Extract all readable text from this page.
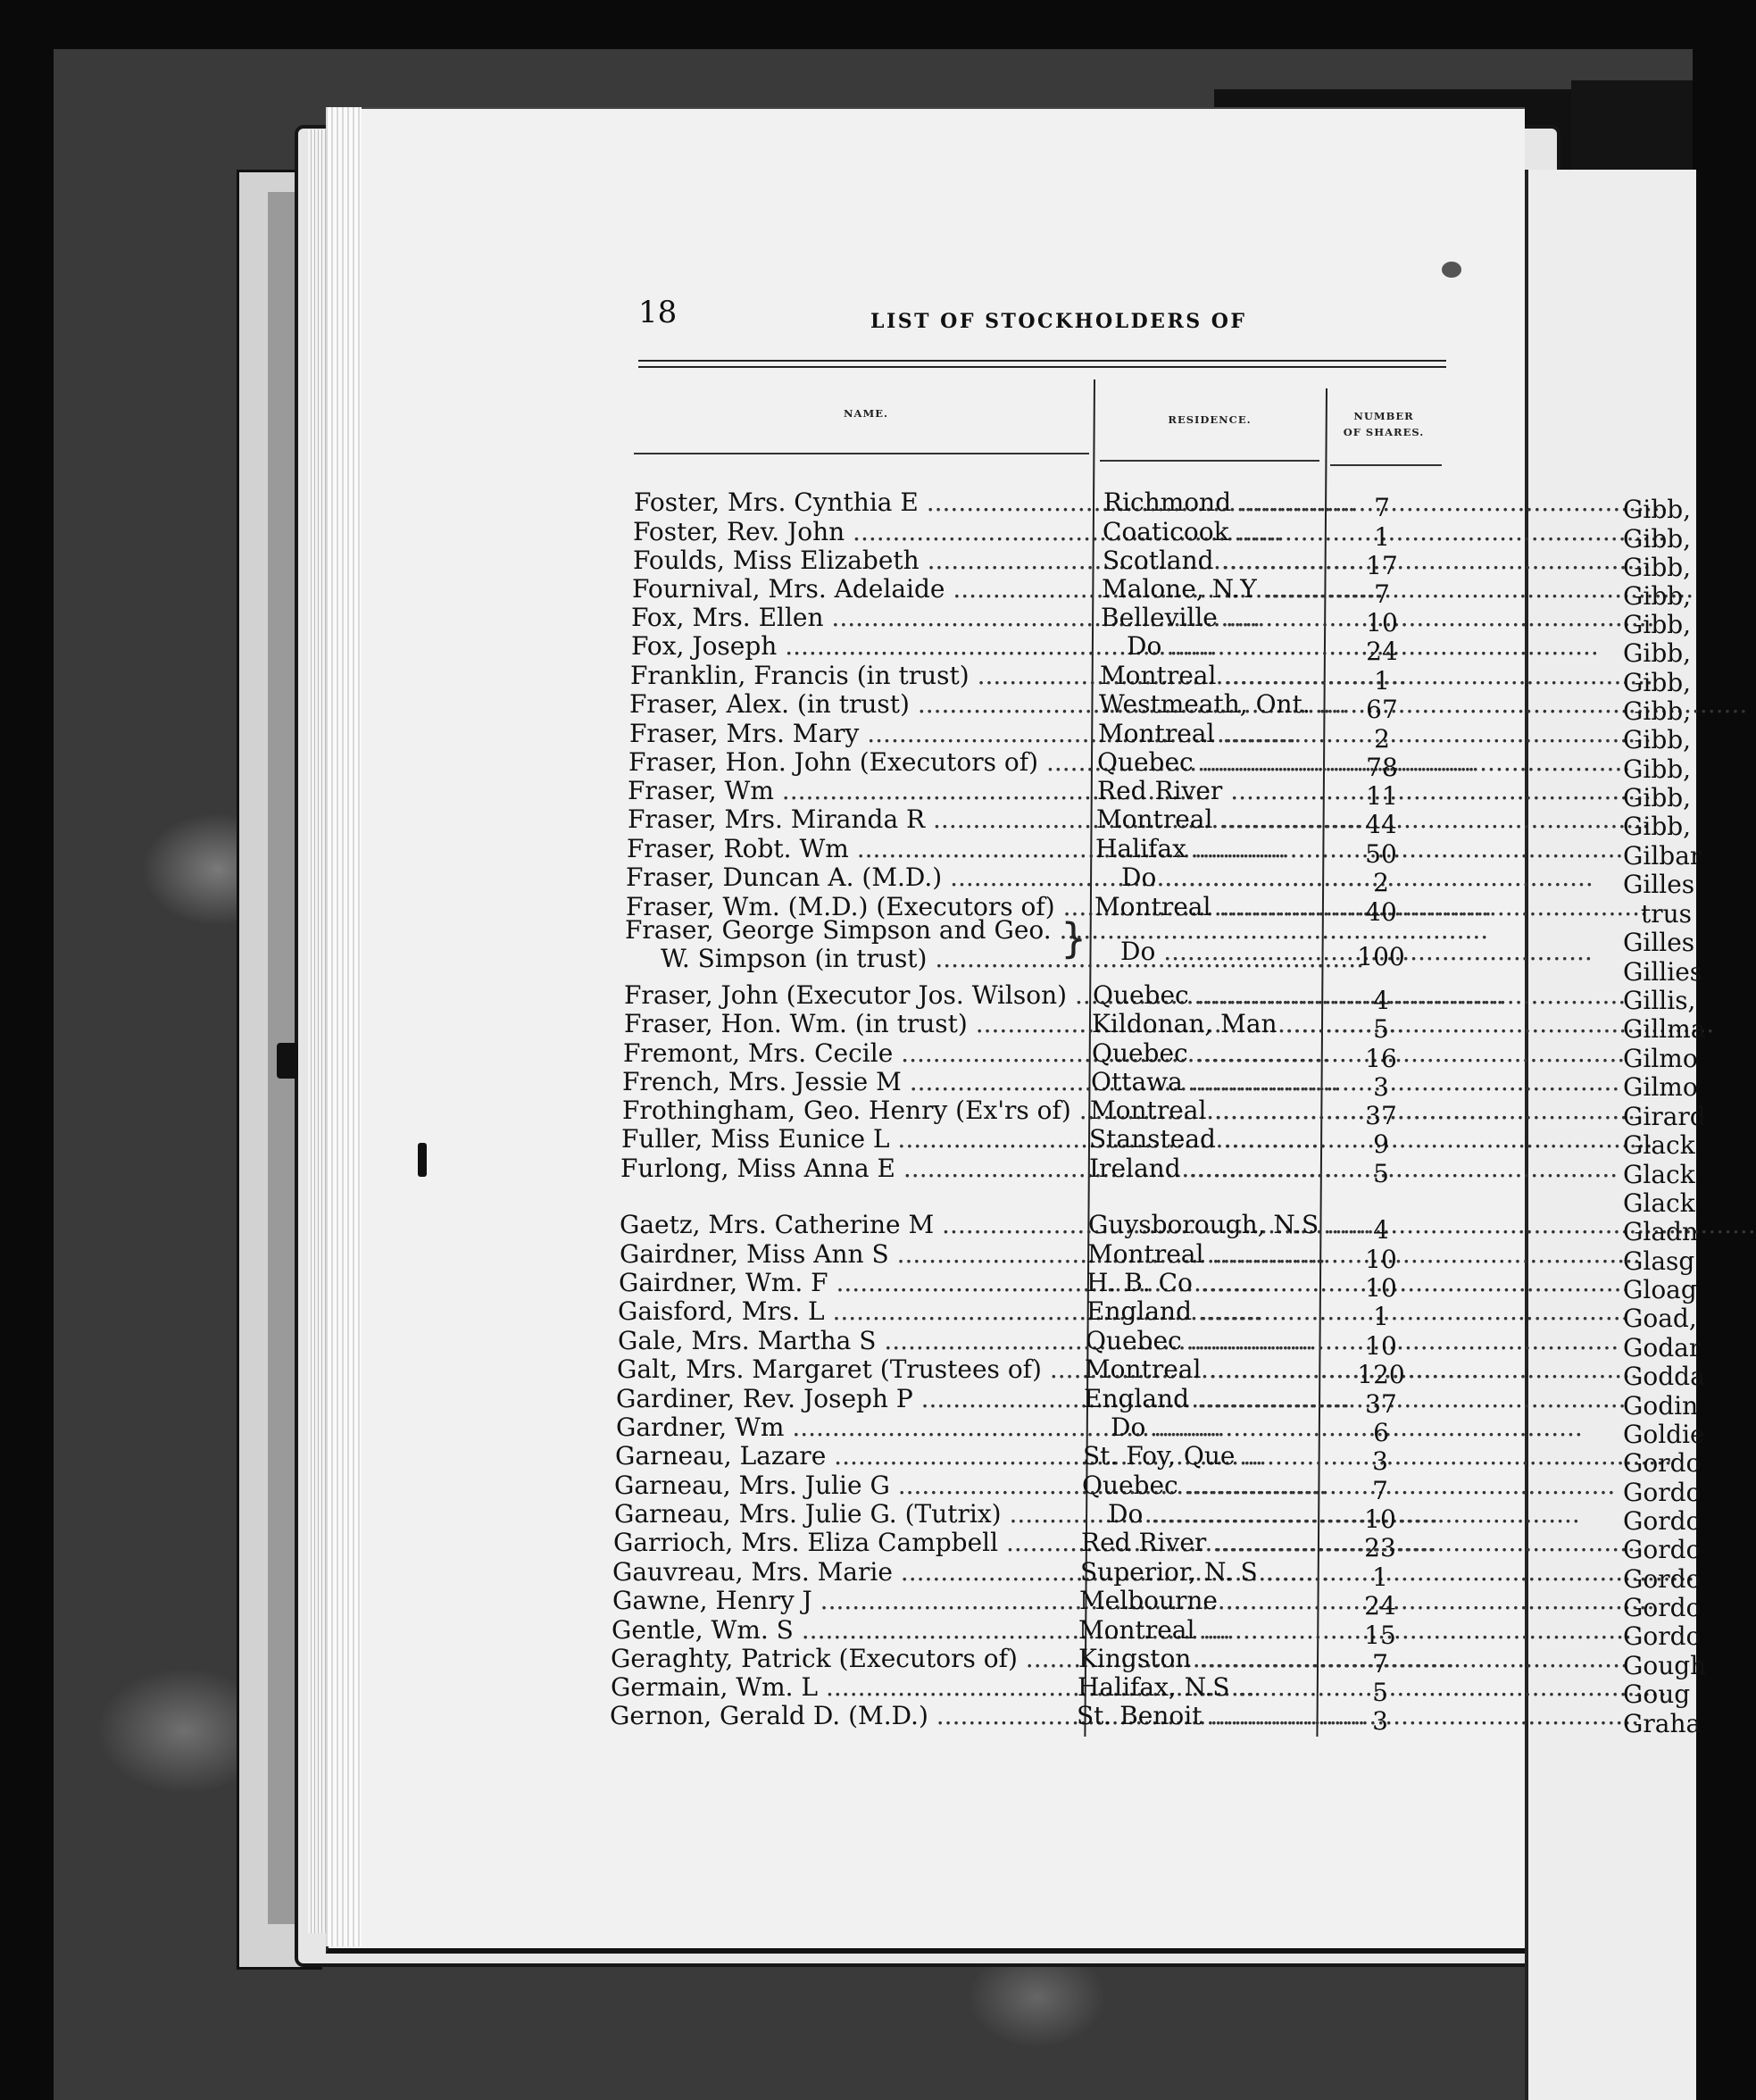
18	LIST OF STOCKHOLDERS OF
NAME.	RESIDENCE.	NUMBER
OF SHARES.
Foster, Mrs. Cynthia E .....	Richmond .....	7
Foster, Rev. John .....	Coaticook .....	1
Foulds, Miss Elizabeth .....	Scotland .....	17
Fournival, Mrs. Adelaide .....	Malone, N.Y .....	7
Fox, Mrs. Ellen .....	Belleville .....	10
Fox, Joseph .....	Do .....	24
Franklin, Francis (in trust) .....	Montreal .....	1
Fraser, Alex. (in trust) .....	Westmeath, Ont. .....	67
Fraser, Mrs. Mary .....	Montreal .....	2
Fraser, Hon. John (Executors of) .....	Quebec .....	78
Fraser, Wm .....	Red River .....	11
Fraser, Mrs. Miranda R .....	Montreal .....	44
Fraser, Robt. Wm .....	Halifax .....	50
Fraser, Duncan A. (M.D.) .....	Do .....	2
Fraser, Wm. (M.D.) (Executors of) .....	Montreal .....	40
Fraser, George Simpson and Geo. .....
W. Simpson (in trust) .....	} Do .....	100
Fraser, John (Executor Jos. Wilson) .....	Quebec .....	4
Fraser, Hon. Wm. (in trust) .....	Kildonan, Man .....	5
Fremont, Mrs. Cecile .....	Quebec .....	16
French, Mrs. Jessie M .....	Ottawa .....	3
Frothingham, Geo. Henry (Ex'rs of) ..... Montreal .....	37
Fuller, Miss Eunice L .....	Stanstead .....	9
Furlong, Miss Anna E .....	Ireland .....	5
Gaetz, Mrs. Catherine M .....	Guysborough, N.S .....	4
Gairdner, Miss Ann S .....	Montreal .....	10
Gairdner, Wm. F .....	H. B. Co .....	10
Gaisford, Mrs. L .....	England .....	1
Gale, Mrs. Martha S .....	Quebec .....	10
Galt, Mrs. Margaret (Trustees of) .....	Montreal .....	120
Gardiner, Rev. Joseph P .....	England .....	37
Gardner, Wm .....	Do .....	6
Garneau, Lazare .....	St. Foy, Que .....	3
Garneau, Mrs. Julie G .....	Quebec .....	7
Garneau, Mrs. Julie G. (Tutrix) .....	Do .....	10
Garrioch, Mrs. Eliza Campbell .....	Red River .....	23
Gauvreau, Mrs. Marie .....	Superior, N. S .....	1
Gawne, Henry J .....	Melbourne .....	24
Gentle, Wm. S .....	Montreal .....	15
Geraghty, Patrick (Executors of) .....	Kingston .....	7
Germain, Wm. L .....	Halifax, N.S .....	5
Gernon, Gerald D. (M.D.) .....	St. Benoit .....	3
Gibb,
Gibb,
Gibb,
Gibb,
Gibb,
Gibb,
Gibb,
Gibb,
Gibb,
Gibb,
Gibb,
Gibb,
Gilbar
Gilles
trus
Gilles
Gillies
Gillis,
Gillma
Gilmo
Gilmo
Girard
Glack
Glack
Glack
Gladn
Glasg
Gloag
Goad,
Godar
Godda
Godin
Goldie
Gordo
Gordo
Gordo
Gordo
Gordo
Gordo
Gordo
Gough
Goug
Graha
